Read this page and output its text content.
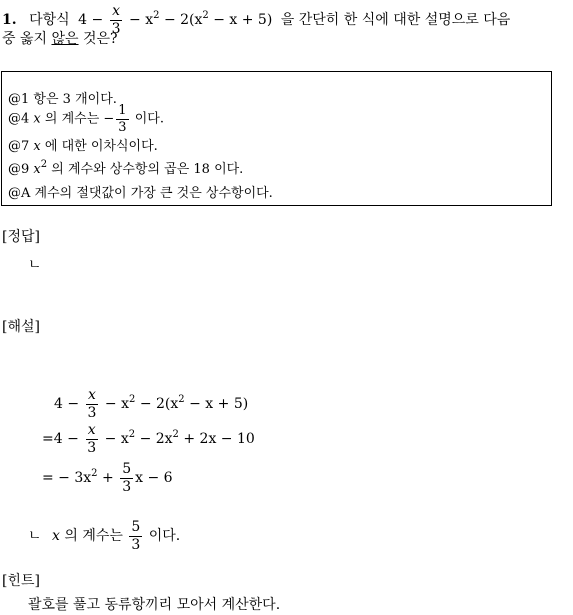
1. 다항식 $4 - \frac{x}{3} - x^2 - 2(x^2 - x + 5)$ 을 간단히 한 식에 대한 설명으로 다음
중 옳지 않은 것은?
@1 항은 3 개이다.
@4 x 의 계수는 − $\frac{1}{3}$ 이다.
@7 x 에 대한 이차식이다.
@9 $x^2$ 의 계수와 상수항의 곱은 18 이다.
@A 계수의 절댓값이 가장 큰 것은 상수항이다.
[정답]
ㄴ
[해설]
$4 - \frac{x}{3} - x^2 - 2(x^2 - x + 5)$
$=4 - \frac{x}{3} - x^2 - 2x^2 + 2x - 10$
= − $3x^2 + \frac{5}{3}$ x − 6
ㄴ x 의 계수는 $\frac{5}{3}$ 이다.
[힌트]
괄호를 풀고 동류항끼리 모아서 계산한다.
